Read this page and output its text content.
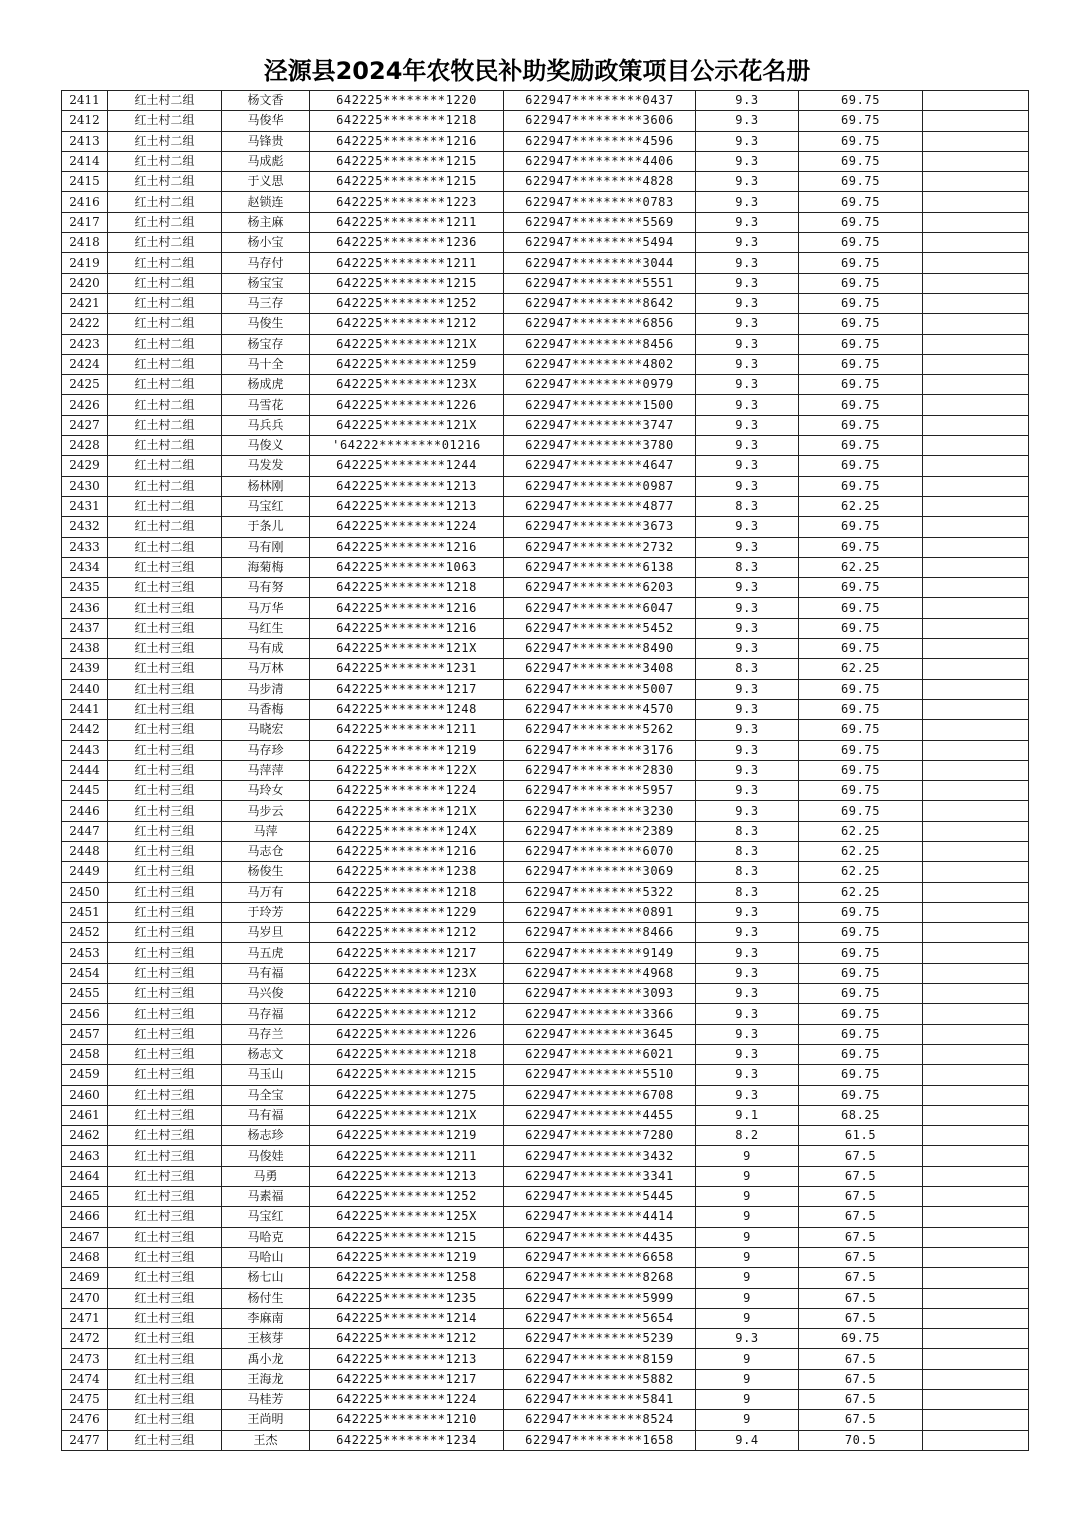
泾源县2024年农牧民补助奖励政策项目公示花名册
2411	红土村二组	杨文香	642225********1220	622947*********0437	9.3	69.75	
2412	红土村二组	马俊华	642225********1218	622947*********3606	9.3	69.75	
2413	红土村二组	马锋贵	642225********1216	622947*********4596	9.3	69.75	
2414	红土村二组	马成彪	642225********1215	622947*********4406	9.3	69.75	
2415	红土村二组	于义思	642225********1215	622947*********4828	9.3	69.75	
2416	红土村二组	赵锁连	642225********1223	622947*********0783	9.3	69.75	
2417	红土村二组	杨主麻	642225********1211	622947*********5569	9.3	69.75	
2418	红土村二组	杨小宝	642225********1236	622947*********5494	9.3	69.75	
2419	红土村二组	马存付	642225********1211	622947*********3044	9.3	69.75	
2420	红土村二组	杨宝宝	642225********1215	622947*********5551	9.3	69.75	
2421	红土村二组	马三存	642225********1252	622947*********8642	9.3	69.75	
2422	红土村二组	马俊生	642225********1212	622947*********6856	9.3	69.75	
2423	红土村二组	杨宝存	642225********121X	622947*********8456	9.3	69.75	
2424	红土村二组	马十全	642225********1259	622947*********4802	9.3	69.75	
2425	红土村二组	杨成虎	642225********123X	622947*********0979	9.3	69.75	
2426	红土村二组	马雪花	642225********1226	622947*********1500	9.3	69.75	
2427	红土村二组	马兵兵	642225********121X	622947*********3747	9.3	69.75	
2428	红土村二组	马俊义	'64222********01216	622947*********3780	9.3	69.75	
2429	红土村二组	马发发	642225********1244	622947*********4647	9.3	69.75	
2430	红土村二组	杨林刚	642225********1213	622947*********0987	9.3	69.75	
2431	红土村二组	马宝红	642225********1213	622947*********4877	8.3	62.25	
2432	红土村二组	于条儿	642225********1224	622947*********3673	9.3	69.75	
2433	红土村二组	马有刚	642225********1216	622947*********2732	9.3	69.75	
2434	红土村三组	海菊梅	642225********1063	622947*********6138	8.3	62.25	
2435	红土村三组	马有努	642225********1218	622947*********6203	9.3	69.75	
2436	红土村三组	马万华	642225********1216	622947*********6047	9.3	69.75	
2437	红土村三组	马红生	642225********1216	622947*********5452	9.3	69.75	
2438	红土村三组	马有成	642225********121X	622947*********8490	9.3	69.75	
2439	红土村三组	马万林	642225********1231	622947*********3408	8.3	62.25	
2440	红土村三组	马步清	642225********1217	622947*********5007	9.3	69.75	
2441	红土村三组	马香梅	642225********1248	622947*********4570	9.3	69.75	
2442	红土村三组	马晓宏	642225********1211	622947*********5262	9.3	69.75	
2443	红土村三组	马存珍	642225********1219	622947*********3176	9.3	69.75	
2444	红土村三组	马萍萍	642225********122X	622947*********2830	9.3	69.75	
2445	红土村三组	马玲女	642225********1224	622947*********5957	9.3	69.75	
2446	红土村三组	马步云	642225********121X	622947*********3230	9.3	69.75	
2447	红土村三组	马萍	642225********124X	622947*********2389	8.3	62.25	
2448	红土村三组	马志仓	642225********1216	622947*********6070	8.3	62.25	
2449	红土村三组	杨俊生	642225********1238	622947*********3069	8.3	62.25	
2450	红土村三组	马万有	642225********1218	622947*********5322	8.3	62.25	
2451	红土村三组	于玲芳	642225********1229	622947*********0891	9.3	69.75	
2452	红土村三组	马岁旦	642225********1212	622947*********8466	9.3	69.75	
2453	红土村三组	马五虎	642225********1217	622947*********9149	9.3	69.75	
2454	红土村三组	马有福	642225********123X	622947*********4968	9.3	69.75	
2455	红土村三组	马兴俊	642225********1210	622947*********3093	9.3	69.75	
2456	红土村三组	马存福	642225********1212	622947*********3366	9.3	69.75	
2457	红土村三组	马存兰	642225********1226	622947*********3645	9.3	69.75	
2458	红土村三组	杨志文	642225********1218	622947*********6021	9.3	69.75	
2459	红土村三组	马玉山	642225********1215	622947*********5510	9.3	69.75	
2460	红土村三组	马全宝	642225********1275	622947*********6708	9.3	69.75	
2461	红土村三组	马有福	642225********121X	622947*********4455	9.1	68.25	
2462	红土村三组	杨志珍	642225********1219	622947*********7280	8.2	61.5	
2463	红土村三组	马俊娃	642225********1211	622947*********3432	9	67.5	
2464	红土村三组	马勇	642225********1213	622947*********3341	9	67.5	
2465	红土村三组	马素福	642225********1252	622947*********5445	9	67.5	
2466	红土村三组	马宝红	642225********125X	622947*********4414	9	67.5	
2467	红土村三组	马哈克	642225********1215	622947*********4435	9	67.5	
2468	红土村三组	马哈山	642225********1219	622947*********6658	9	67.5	
2469	红土村三组	杨七山	642225********1258	622947*********8268	9	67.5	
2470	红土村三组	杨付生	642225********1235	622947*********5999	9	67.5	
2471	红土村三组	李麻南	642225********1214	622947*********5654	9	67.5	
2472	红土村三组	王核芽	642225********1212	622947*********5239	9.3	69.75	
2473	红土村三组	禹小龙	642225********1213	622947*********8159	9	67.5	
2474	红土村三组	王海龙	642225********1217	622947*********5882	9	67.5	
2475	红土村三组	马桂芳	642225********1224	622947*********5841	9	67.5	
2476	红土村三组	王尚明	642225********1210	622947*********8524	9	67.5	
2477	红土村三组	王杰	642225********1234	622947*********1658	9.4	70.5	
